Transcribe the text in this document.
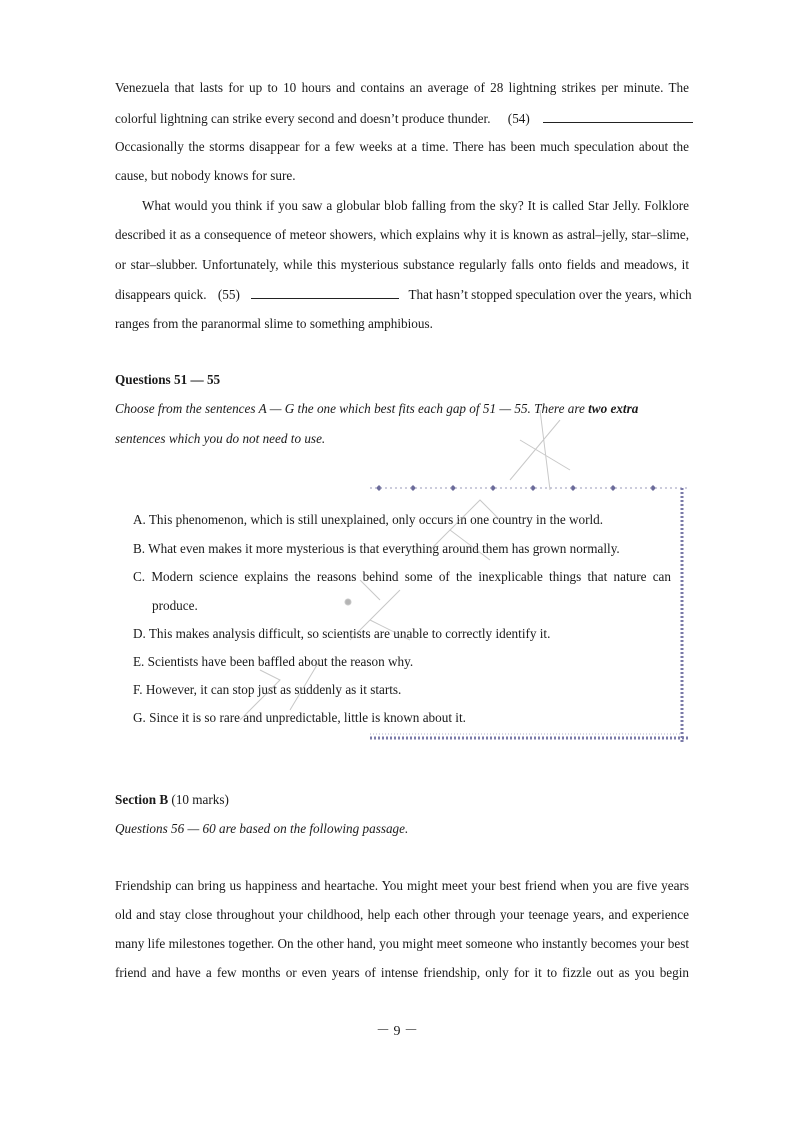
Venezuela that lasts for up to 10 hours and contains an average of 28 lightning strikes per minute. The
colorful lightning can strike every second and doesn’t produce thunder. (54)
Occasionally the storms disappear for a few weeks at a time. There has been much speculation about the
cause, but nobody knows for sure.
What would you think if you saw a globular blob falling from the sky? It is called Star Jelly. Folklore
described it as a consequence of meteor showers, which explains why it is known as astral–jelly, star–slime,
or star–slubber. Unfortunately, while this mysterious substance regularly falls onto fields and meadows, it
disappears quick. (55)	That hasn’t stopped speculation over the years, which
ranges from the paranormal slime to something amphibious.
Questions 51 — 55
Choose from the sentences A — G the one which best fits each gap of 51 — 55. There are two extra
sentences which you do not need to use.
A. This phenomenon, which is still unexplained, only occurs in one country in the world.
B. What even makes it more mysterious is that everything around them has grown normally.
C. Modern science explains the reasons behind some of the inexplicable things that nature can
produce.
D. This makes analysis difficult, so scientists are unable to correctly identify it.
E. Scientists have been baffled about the reason why.
F. However, it can stop just as suddenly as it starts.
G. Since it is so rare and unpredictable, little is known about it.
Section B (10 marks)
Questions 56 — 60 are based on the following passage.
Friendship can bring us happiness and heartache. You might meet your best friend when you are five years
old and stay close throughout your childhood, help each other through your teenage years, and experience
many life milestones together. On the other hand, you might meet someone who instantly becomes your best
friend and have a few months or even years of intense friendship, only for it to fizzle out as you begin
－ 9 －
